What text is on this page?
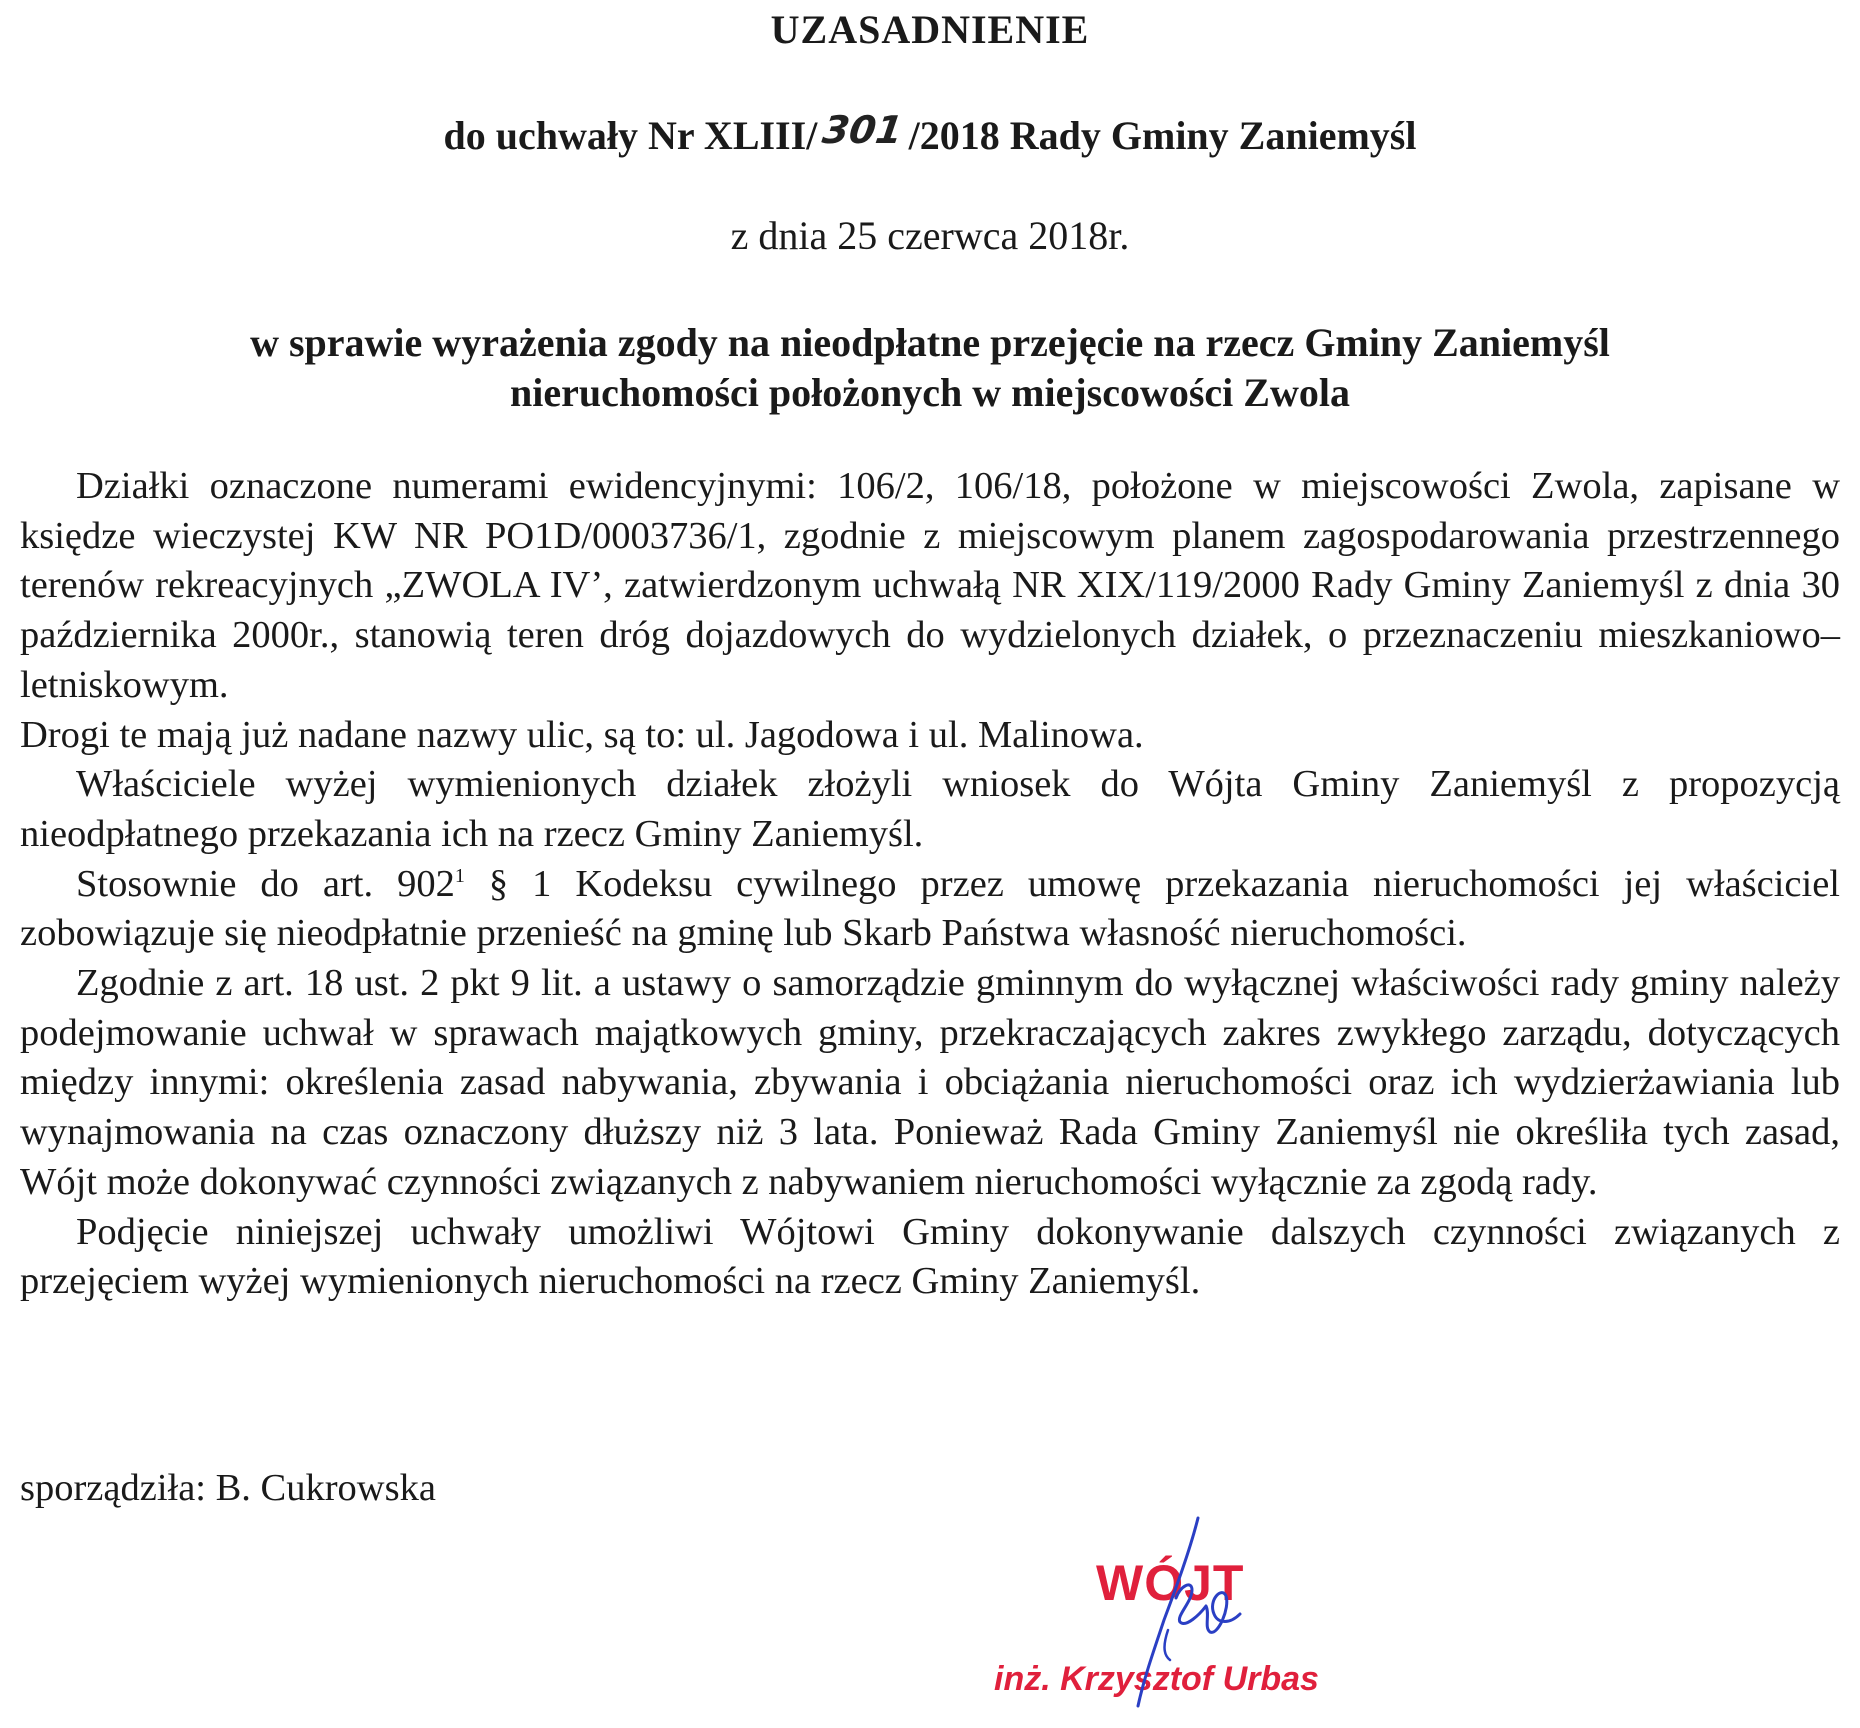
UZASADNIENIE
do uchwały Nr XLIII/301/2018 Rady Gminy Zaniemyśl
z dnia 25 czerwca 2018r.
w sprawie wyrażenia zgody na nieodpłatne przejęcie na rzecz Gminy Zaniemyśl
nieruchomości położonych w miejscowości Zwola

Działki oznaczone numerami ewidencyjnymi: 106/2, 106/18, położone w miejscowości Zwola, zapisane w księdze wieczystej KW NR PO1D/0003736/1, zgodnie z miejscowym planem zagospodarowania przestrzennego terenów rekreacyjnych „ZWOLA IV’, zatwierdzonym uchwałą NR XIX/119/2000 Rady Gminy Zaniemyśl z dnia 30 października 2000r., stanowią teren dróg dojazdowych do wydzielonych działek, o przeznaczeniu mieszkaniowo–letniskowym.

Drogi te mają już nadane nazwy ulic, są to: ul. Jagodowa i ul. Malinowa.

Właściciele wyżej wymienionych działek złożyli wniosek do Wójta Gminy Zaniemyśl z propozycją nieodpłatnego przekazania ich na rzecz Gminy Zaniemyśl.

Stosownie do art. $902^1$ § 1 Kodeksu cywilnego przez umowę przekazania nieruchomości jej właściciel zobowiązuje się nieodpłatnie przenieść na gminę lub Skarb Państwa własność nieruchomości.

Zgodnie z art. 18 ust. 2 pkt 9 lit. a ustawy o samorządzie gminnym do wyłącznej właściwości rady gminy należy podejmowanie uchwał w sprawach majątkowych gminy, przekraczających zakres zwykłego zarządu, dotyczących między innymi: określenia zasad nabywania, zbywania i obciążania nieruchomości oraz ich wydzierżawiania lub wynajmowania na czas oznaczony dłuższy niż 3 lata. Ponieważ Rada Gminy Zaniemyśl nie określiła tych zasad, Wójt może dokonywać czynności związanych z nabywaniem nieruchomości wyłącznie za zgodą rady.

Podjęcie niniejszej uchwały umożliwi Wójtowi Gminy dokonywanie dalszych czynności związanych z przejęciem wyżej wymienionych nieruchomości na rzecz Gminy Zaniemyśl.

sporządziła: B. Cukrowska
WÓJT
inż. Krzysztof Urbas
